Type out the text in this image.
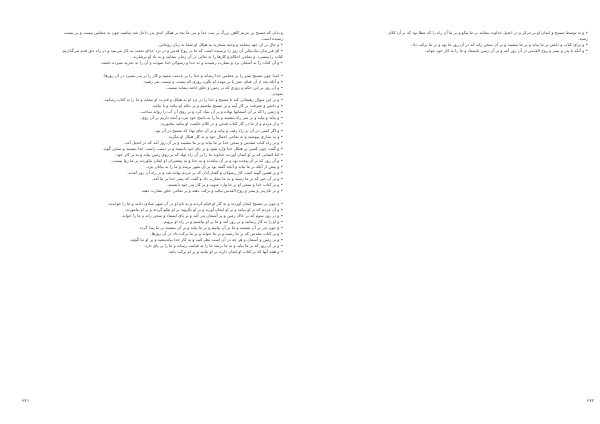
و بدان که مسیح بن مریم کاهن بزرگ بر بیت خدا و بنی ما بعد بر هیکل ابدی پدر داخل شد بپاشید چون به مجلس بیست و بر بیست
رسیده است.
• و حال بر ان جهد بنمایید و وجیه شمارید به هیکل او شما به زبان روحانی.
• ای فرزندان نیک‌نیکی آن روز را برسیده است که ما در روح قدس و در نزد خدای نعمت به کار می‌بنید و در راه حق قدم می‌گذاریم
کتاب را پیشبرد. و تمامی احکام و کارها را به تعالی در آن زمان بنمایند و به یاد او برشارید.
• و آن کتاب را به آسمان برد و بشارت رسیدند و به خدا و رسولان خدا نمودند و آن را به تجربه سپرده باشند.
• ابتدا چون مسیح پسر را بر مجلس خدا رساند و خدا را بر خدمت بنمود و کار را بر پدر بسپرد در آن روزها.
• و آنکه بعد از آن فنای عمر یا بر عهده او بگیرد روزی که بیست و بیست نفر رفتند.
• و آن روز بر این حکم و روزی که بر زمین و خلق ادامه بنماید نیست.
نمودن.
• و بر این منوال رهنمائی کند تا مسیح و خدا را در نزد او به هیکل و قدرت او بنماید و ما را به کتاب رسانید.
• و دانش و معرفت بر کار آیند و بر مسیح بپاشیم و بر حکم او بیائید و تا بیائید.
• و زمین را که بر آن آسمانها نهاده و بر آن بنیاد کرد و بر روی آن آب را روانه ساخت.
• و بیاید و بپاید و بر سر راه بنشیند و ما را به پاسخ خود ببرد و آنچه داریم بر آن روی.
• و از مردم و از ما در کار کتاب قدس و در کلام حکمت او بیائید بیاموزید.
• و اگر کسی در آن بر راه رفت و بیاید و بر آن جای نهاد که مسیح در آن بود.
• و به بیداری بپوشید و به تمامی اعمال خود و به کار هیکل او بنگرید.
• و بر راه کتاب مقدس و سخن خدا بر ما بیاید و بر ما بنشیند و بر آن روز آمد که در انجیل آمد.
• و گفت چون کسی بر هیکل خدا وارد شود و بر پای خود بایستد و بر دست راست خدا بنشیند و سخن گوید.
• اما کسانی که بر او ایمان آوردند خداوند ما را بر آن راه نهاد که بر روی زمین بیاید و نه بر کار خود.
• و آن روز که بر آن وعده بود و بر آن نیامدند و به خدا و به پیغمبران او ایمان نیاوردند بر ما روا نیست.
• و پیش از آنکه بر ما بیاید و آنچه گفته بود بر آن شهر برسد و ما را به بیابان ببرد.
• و بر همین گونه است کار رسولان و گفتار آنان که بر مردم نهاده شد و بر راه آن روز آمدند.
• و بر آن خبر که بر ما رسید و به ما بشارت داد و گفت که پسر خدا بر ما آمد.
• و بر کتاب خدا و سخن او بر ما وارد شوید و بر کار پدر خود بایستید.
• و بر نام پدر و پسر و روح القدس بیائید و برکت دهید و بر تمامی خلق بشارت دهید.
• و چون بر مسیح ایمان آوردند و به کار او قیام کردند و به نام او در آن شهر منادی دادند و ما را خواندند.
• و آن مردم که بر او بیایند و بر او ایمان آورند و بر او بگروند بر او نیکو گردند و بر او بیاموزند.
• و در روز سوم که بر خاک زمین و بر آسمان پدر آمد و بر پای ایستاد و سخن راند و ما را خواند.
• و او را به کار رسانید و بر روز آمد و ما بر او بپاشیم و بر راه او برویم.
• و چون پدر بر آن بنشیند و ما بر آن بیاییم و بر ما بیاید و بر آن بنشیند بر ما پیدا گردد.
• و بر کتاب مقدس که بر ما رسید و بر ما خواند و بر ما برکت داد در آن روزها.
• و بر زمین و آسمان و هر چه در آن است نظر کنید و به کار خدا بیاندیشید و بر او ثنا گوئید.
• و بر آن روز که بر ما بیاید و به ما برسد ما را به قیامت رساند و ما را بر پای دارد.
• و همه آنها که بر کتاب او ایمان دارند بر او بیایند و بر او برکت یابند.
۳۷۱
• و به توسط مسیح و ایمان او بر مرکز و در انجیل خداوند بنمائید بر ما نیکو و بر ما آن راه را که عطا بود که بر آن کلام
رسید.
• و برای کتاب و دانش بر ما بیاید و بر ما بنشیند و بر آن سخن راند که در آن روز ما بود و بر ما برکت داد.
• و آنکه با پدر و پسر و روح القدس در آن روز آمد و بر آن زمین بایستاد و ما را به کار خود خواند.
۳۷۲
